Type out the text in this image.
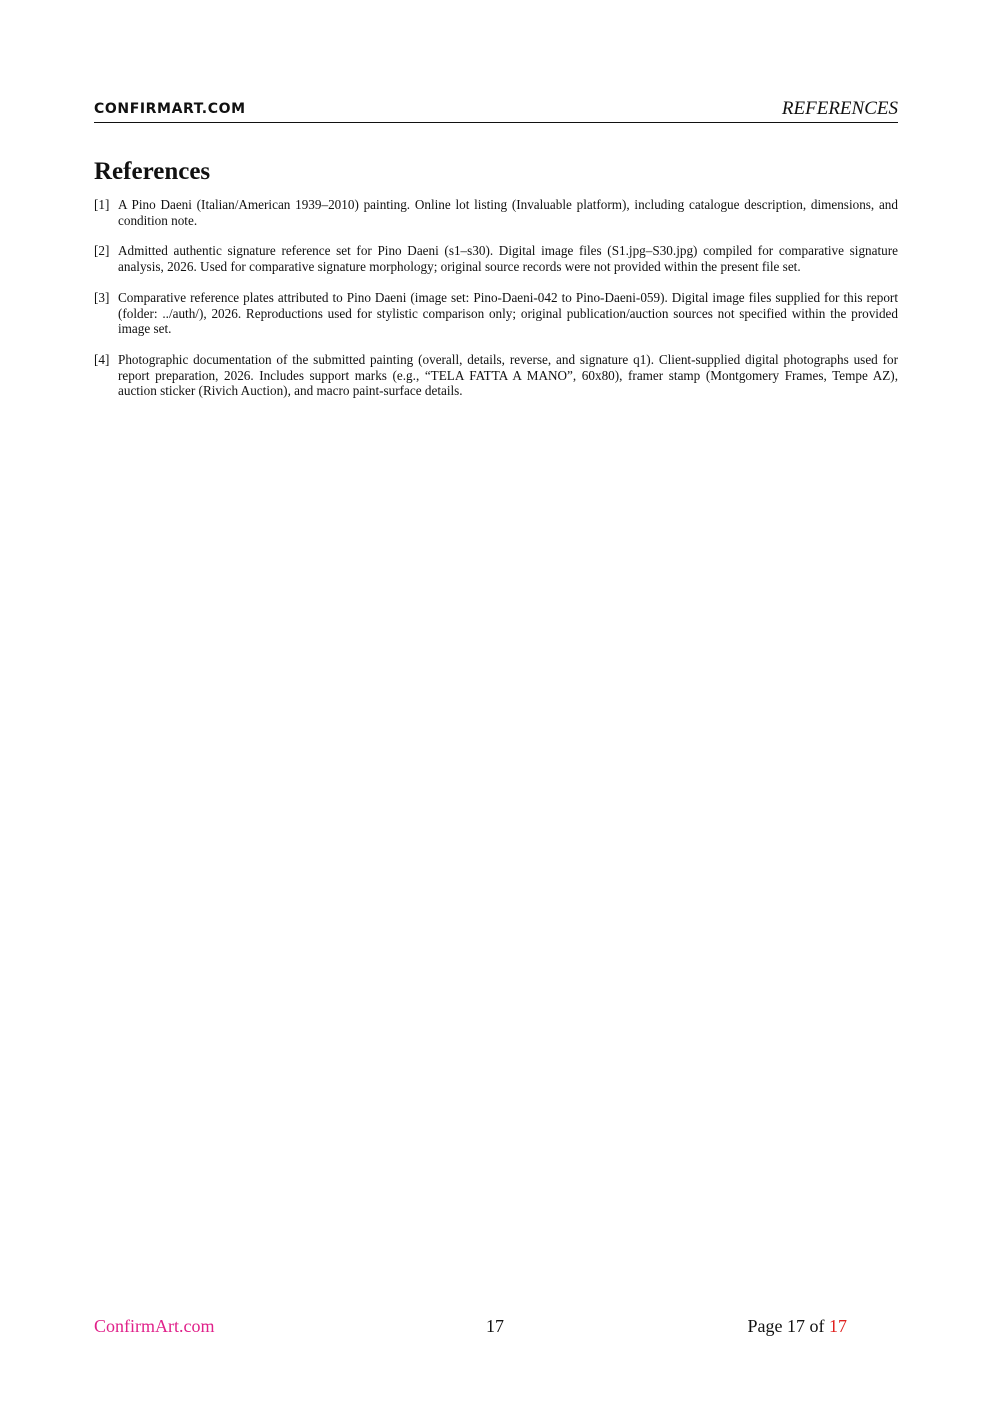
CONFIRMART.COM	REFERENCES
References
[1] A Pino Daeni (Italian/American 1939–2010) painting. Online lot listing (Invaluable platform), including catalogue description, dimensions, and condition note.
[2] Admitted authentic signature reference set for Pino Daeni (s1–s30). Digital image files (S1.jpg–S30.jpg) compiled for comparative signature analysis, 2026. Used for comparative signature morphology; original source records were not provided within the present file set.
[3] Comparative reference plates attributed to Pino Daeni (image set: Pino-Daeni-042 to Pino-Daeni-059). Digital image files supplied for this report (folder: ../auth/), 2026. Reproductions used for stylistic comparison only; original publication/auction sources not specified within the provided image set.
[4] Photographic documentation of the submitted painting (overall, details, reverse, and signature q1). Client-supplied digital photographs used for report preparation, 2026. Includes support marks (e.g., “TELA FATTA A MANO”, 60x80), framer stamp (Montgomery Frames, Tempe AZ), auction sticker (Rivich Auction), and macro paint-surface details.
ConfirmArt.com	17	Page 17 of 17
